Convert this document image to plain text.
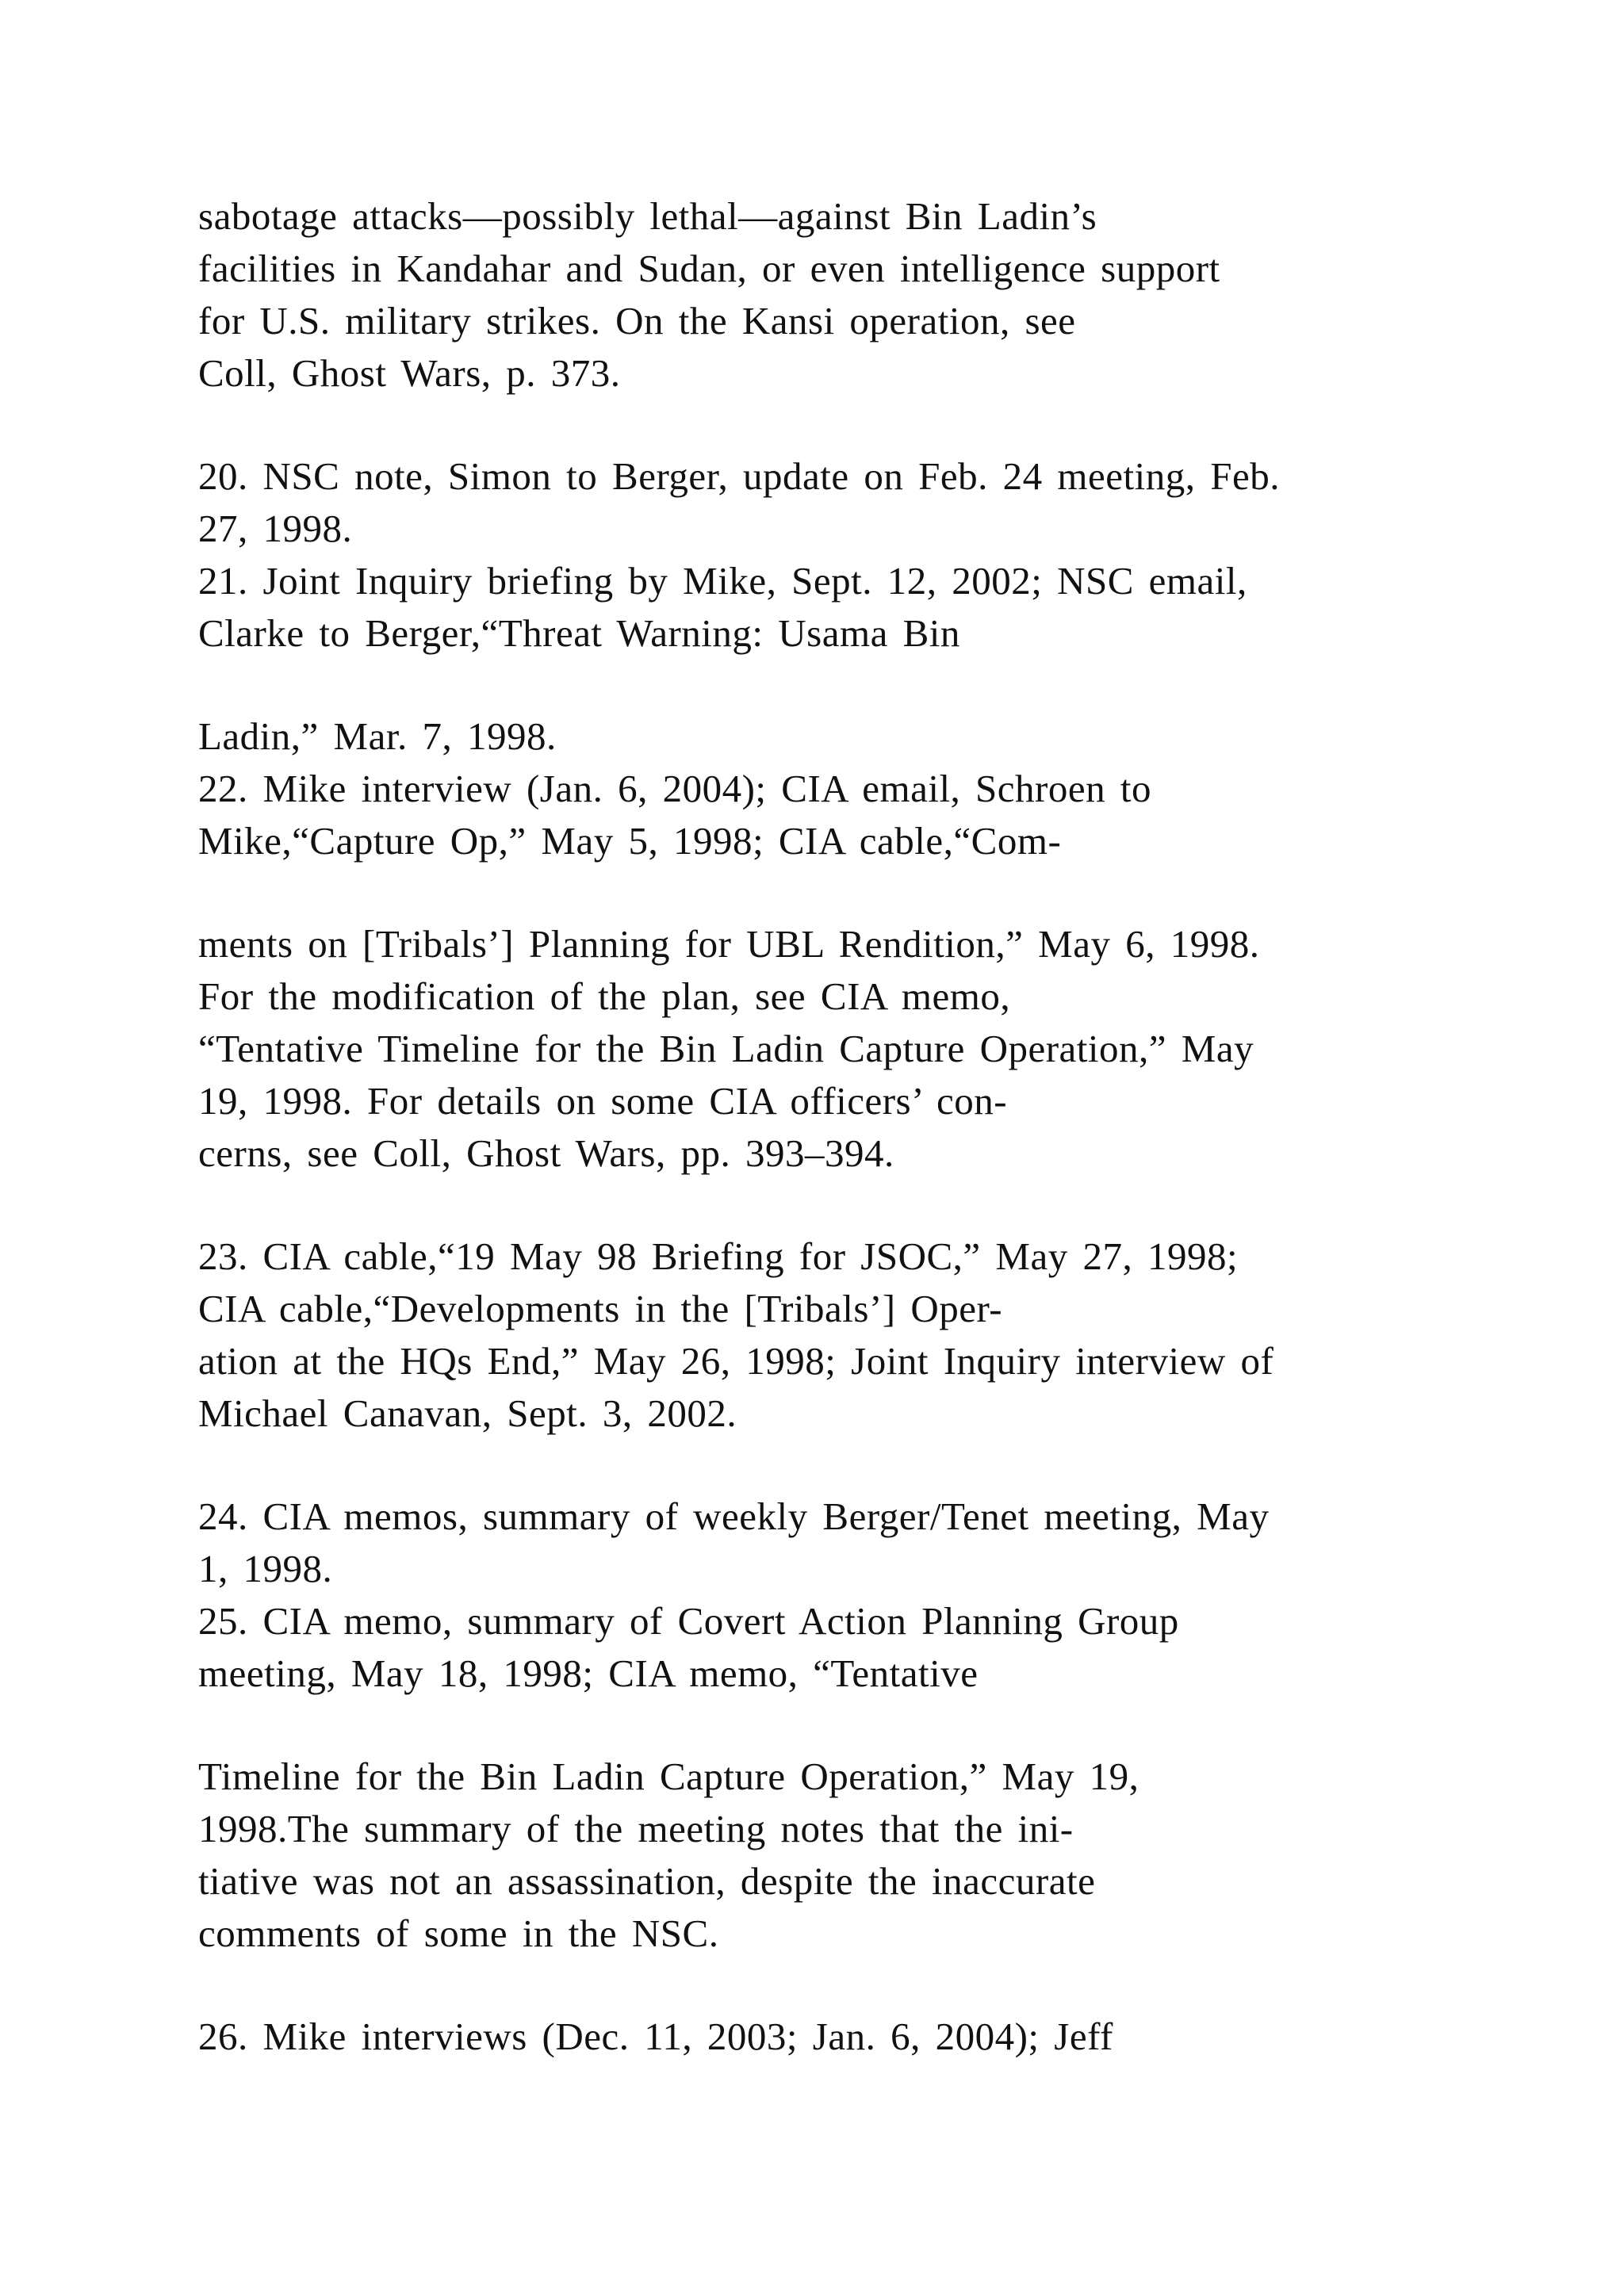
sabotage attacks—possibly lethal—against Bin Ladin’s
facilities in Kandahar and Sudan, or even intelligence support
for U.S. military strikes. On the Kansi operation, see
Coll, Ghost Wars, p. 373.
20. NSC note, Simon to Berger, update on Feb. 24 meeting, Feb.
27, 1998.
21. Joint Inquiry briefing by Mike, Sept. 12, 2002; NSC email,
Clarke to Berger,“Threat Warning: Usama Bin
Ladin,” Mar. 7, 1998.
22. Mike interview (Jan. 6, 2004); CIA email, Schroen to
Mike,“Capture Op,” May 5, 1998; CIA cable,“Com-
ments on [Tribals’] Planning for UBL Rendition,” May 6, 1998.
For the modification of the plan, see CIA memo,
“Tentative Timeline for the Bin Ladin Capture Operation,” May
19, 1998. For details on some CIA officers’ con-
cerns, see Coll, Ghost Wars, pp. 393–394.
23. CIA cable,“19 May 98 Briefing for JSOC,” May 27, 1998;
CIA cable,“Developments in the [Tribals’] Oper-
ation at the HQs End,” May 26, 1998; Joint Inquiry interview of
Michael Canavan, Sept. 3, 2002.
24. CIA memos, summary of weekly Berger/Tenet meeting, May
1, 1998.
25. CIA memo, summary of Covert Action Planning Group
meeting, May 18, 1998; CIA memo, “Tentative
Timeline for the Bin Ladin Capture Operation,” May 19,
1998.The summary of the meeting notes that the ini-
tiative was not an assassination, despite the inaccurate
comments of some in the NSC.
26. Mike interviews (Dec. 11, 2003; Jan. 6, 2004); Jeff
